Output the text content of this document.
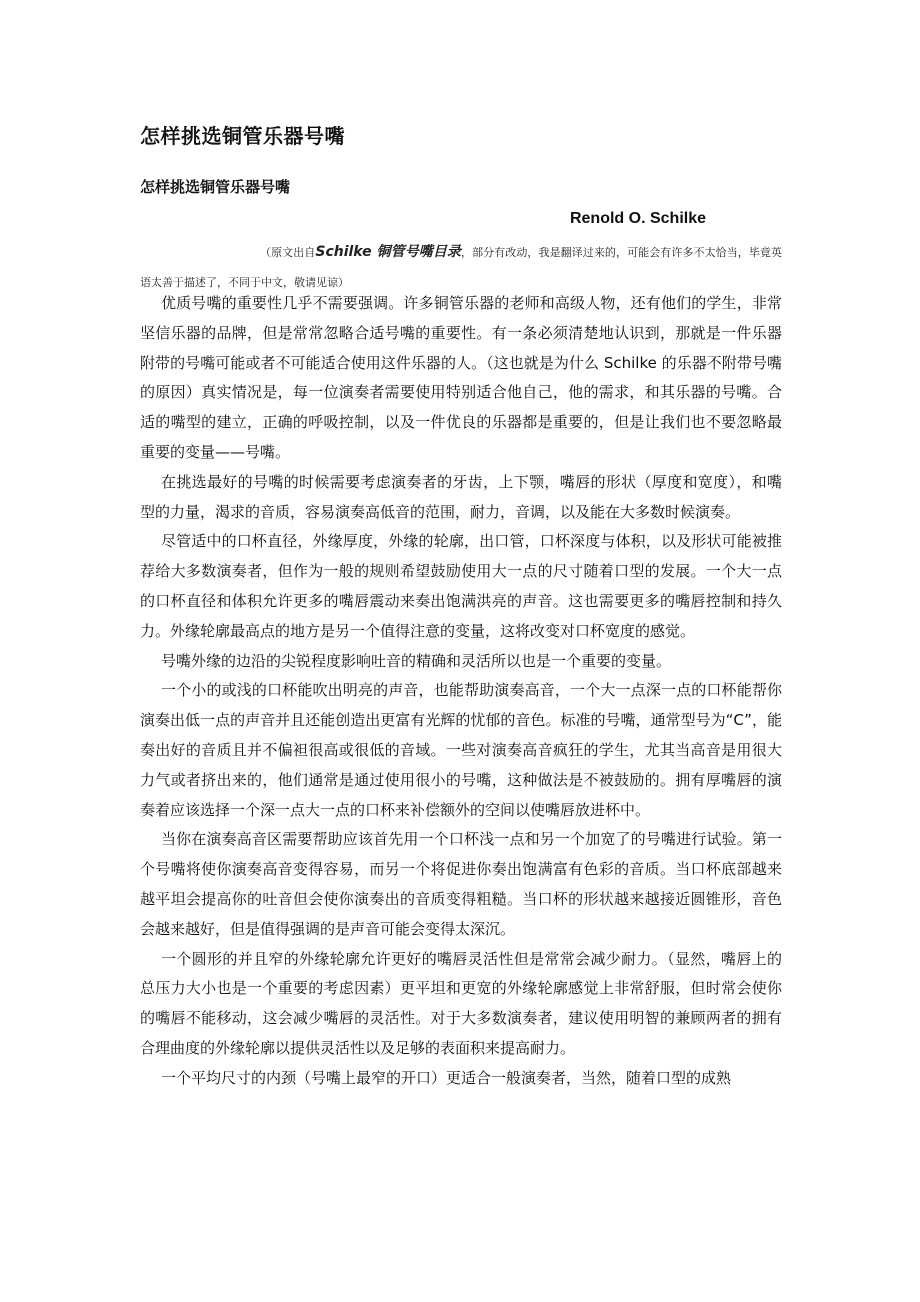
怎样挑选铜管乐器号嘴
怎样挑选铜管乐器号嘴
Renold O. Schilke

（原文出自Schilke 铜管号嘴目录，部分有改动，我是翻译过来的，可能会有许多不太恰当，毕竟英语太善于描述了，不同于中文，敬请见谅）

优质号嘴的重要性几乎不需要强调。许多铜管乐器的老师和高级人物，还有他们的学生，非常坚信乐器的品牌，但是常常忽略合适号嘴的重要性。有一条必须清楚地认识到，那就是一件乐器附带的号嘴可能或者不可能适合使用这件乐器的人。（这也就是为什么 Schilke 的乐器不附带号嘴的原因）真实情况是，每一位演奏者需要使用特别适合他自己，他的需求，和其乐器的号嘴。合适的嘴型的建立，正确的呼吸控制，以及一件优良的乐器都是重要的，但是让我们也不要忽略最重要的变量——号嘴。

在挑选最好的号嘴的时候需要考虑演奏者的牙齿，上下颚，嘴唇的形状（厚度和宽度），和嘴型的力量，渴求的音质，容易演奏高低音的范围，耐力，音调，以及能在大多数时候演奏。

尽管适中的口杯直径，外缘厚度，外缘的轮廓，出口管，口杯深度与体积，以及形状可能被推荐给大多数演奏者，但作为一般的规则希望鼓励使用大一点的尺寸随着口型的发展。一个大一点的口杯直径和体积允许更多的嘴唇震动来奏出饱满洪亮的声音。这也需要更多的嘴唇控制和持久力。外缘轮廓最高点的地方是另一个值得注意的变量，这将改变对口杯宽度的感觉。

号嘴外缘的边沿的尖锐程度影响吐音的精确和灵活所以也是一个重要的变量。

一个小的或浅的口杯能吹出明亮的声音，也能帮助演奏高音，一个大一点深一点的口杯能帮你演奏出低一点的声音并且还能创造出更富有光辉的忧郁的音色。标准的号嘴，通常型号为“C”，能奏出好的音质且并不偏袒很高或很低的音域。一些对演奏高音疯狂的学生，尤其当高音是用很大力气或者挤出来的，他们通常是通过使用很小的号嘴，这种做法是不被鼓励的。拥有厚嘴唇的演奏着应该选择一个深一点大一点的口杯来补偿额外的空间以使嘴唇放进杯中。

当你在演奏高音区需要帮助应该首先用一个口杯浅一点和另一个加宽了的号嘴进行试验。第一个号嘴将使你演奏高音变得容易，而另一个将促进你奏出饱满富有色彩的音质。当口杯底部越来越平坦会提高你的吐音但会使你演奏出的音质变得粗糙。当口杯的形状越来越接近圆锥形，音色会越来越好，但是值得强调的是声音可能会变得太深沉。

一个圆形的并且窄的外缘轮廓允许更好的嘴唇灵活性但是常常会减少耐力。（显然，嘴唇上的总压力大小也是一个重要的考虑因素）更平坦和更宽的外缘轮廓感觉上非常舒服，但时常会使你的嘴唇不能移动，这会减少嘴唇的灵活性。对于大多数演奏者，建议使用明智的兼顾两者的拥有合理曲度的外缘轮廓以提供灵活性以及足够的表面积来提高耐力。

一个平均尺寸的内颈（号嘴上最窄的开口）更适合一般演奏者，当然，随着口型的成熟
